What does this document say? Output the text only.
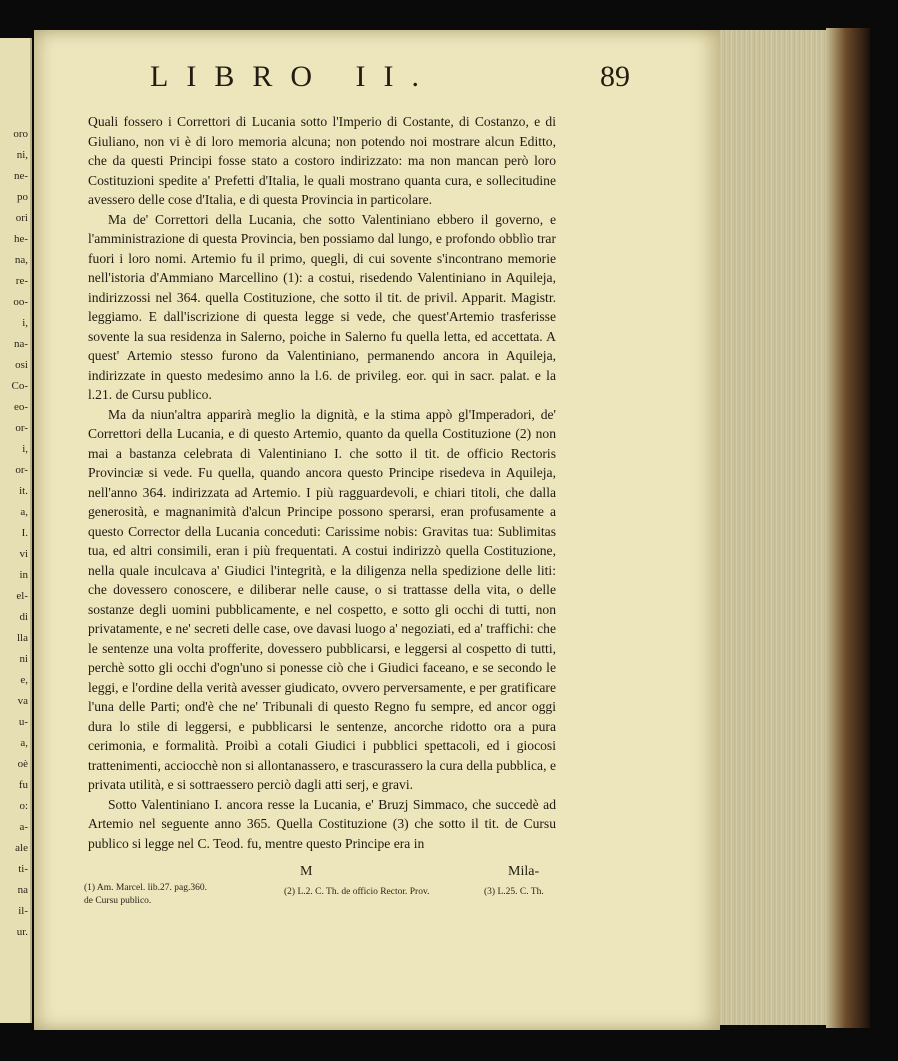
oro
ni,
ne-
po
ori
he-
na,
re-
oo-
i,
na-
osi
Co-
eo-
or-
i,
or-
it.
a,
I.
vi
in
el-
di
lla
ni
e,
va
u-
a,
oè
fu
o:
a-
ale
ti-
na
il-
ur.
LIBRO II.	89

Quali fossero i Correttori di Lucania sotto l'Imperio di Costante, di Costanzo, e di Giuliano, non vi è di loro memoria alcuna; non potendo noi mostrare alcun Editto, che da questi Principi fosse stato a costoro indirizzato: ma non mancan però loro Costituzioni spedite a' Prefetti d'Italia, le quali mostrano quanta cura, e sollecitudine avessero delle cose d'Italia, e di questa Provincia in particolare.

Ma de' Correttori della Lucania, che sotto Valentiniano ebbero il governo, e l'amministrazione di questa Provincia, ben possiamo dal lungo, e profondo obblìo trar fuori i loro nomi. Artemio fu il primo, quegli, di cui sovente s'incontrano memorie nell'istoria d'Ammiano Marcellino (1): a costui, risedendo Valentiniano in Aquileja, indirizzossi nel 364. quella Costituzione, che sotto il tit. de privil. Apparit. Magistr. leggiamo. E dall'iscrizione di questa legge si vede, che quest'Artemio trasferisse sovente la sua residenza in Salerno, poiche in Salerno fu quella letta, ed accettata. A quest' Artemio stesso furono da Valentiniano, permanendo ancora in Aquileja, indirizzate in questo medesimo anno la l.6. de privileg. eor. qui in sacr. palat. e la l.21. de Cursu publico.

Ma da niun'altra apparirà meglio la dignità, e la stima appò gl'Imperadori, de' Correttori della Lucania, e di questo Artemio, quanto da quella Costituzione (2) non mai a bastanza celebrata di Valentiniano I. che sotto il tit. de officio Rectoris Provinciæ si vede. Fu quella, quando ancora questo Principe risedeva in Aquileja, nell'anno 364. indirizzata ad Artemio. I più ragguardevoli, e chiari titoli, che dalla generosità, e magnanimità d'alcun Principe possono sperarsi, eran profusamente a questo Corrector della Lucania conceduti: Carissime nobis: Gravitas tua: Sublimitas tua, ed altri consimili, eran i più frequentati. A costui indirizzò quella Costituzione, nella quale inculcava a' Giudici l'integrità, e la diligenza nella spedizione delle liti: che dovessero conoscere, e diliberar nelle cause, o si trattasse della vita, o delle sostanze degli uomini pubblicamente, e nel cospetto, e sotto gli occhi di tutti, non privatamente, e ne' secreti delle case, ove davasi luogo a' negoziati, ed a' traffichi: che le sentenze una volta profferite, dovessero pubblicarsi, e leggersi al cospetto di tutti, perchè sotto gli occhi d'ogn'uno si ponesse ciò che i Giudici faceano, e se secondo le leggi, e l'ordine della verità avesser giudicato, ovvero perversamente, e per gratificare l'una delle Parti; ond'è che ne' Tribunali di questo Regno fu sempre, ed ancor oggi dura lo stile di leggersi, e pubblicarsi le sentenze, ancorche ridotto ora a pura cerimonia, e formalità. Proibì a cotali Giudici i pubblici spettacoli, ed i giocosi trattenimenti, acciocchè non si allontanassero, e trascurassero la cura della pubblica, e privata utilità, e si sottraessero perciò dagli atti serj, e gravi.

Sotto Valentiniano I. ancora resse la Lucania, e' Bruzj Simmaco, che succedè ad Artemio nel seguente anno 365. Quella Costituzione (3) che sotto il tit. de Cursu publico si legge nel C. Teod. fu, mentre questo Principe era in

M	Mila-
(1) Am. Marcel. lib.27. pag.360.
de Cursu publico.
(2) L.2. C. Th. de officio Rector. Prov.	(3) L.25. C. Th.
